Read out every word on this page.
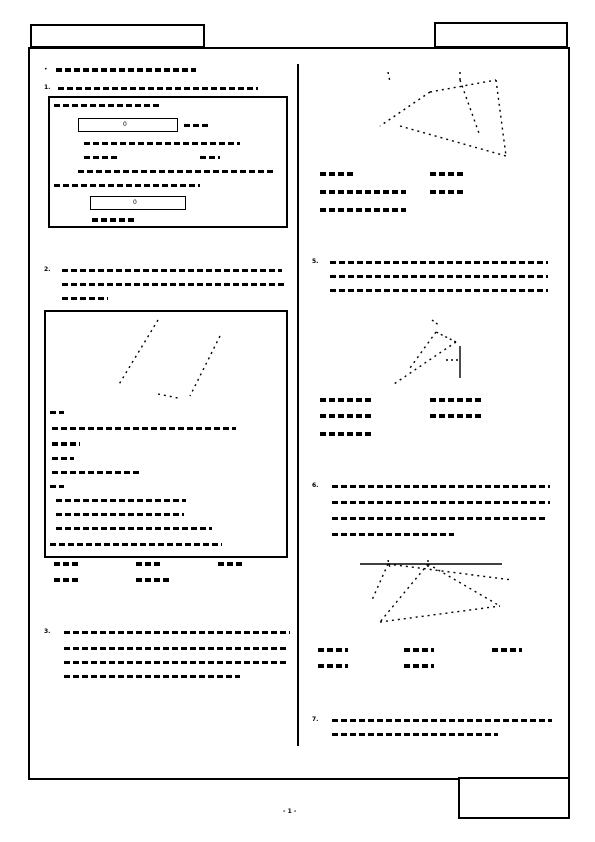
- 1 -
•
1.
0
0
2.
3.
5.
6.
7.
